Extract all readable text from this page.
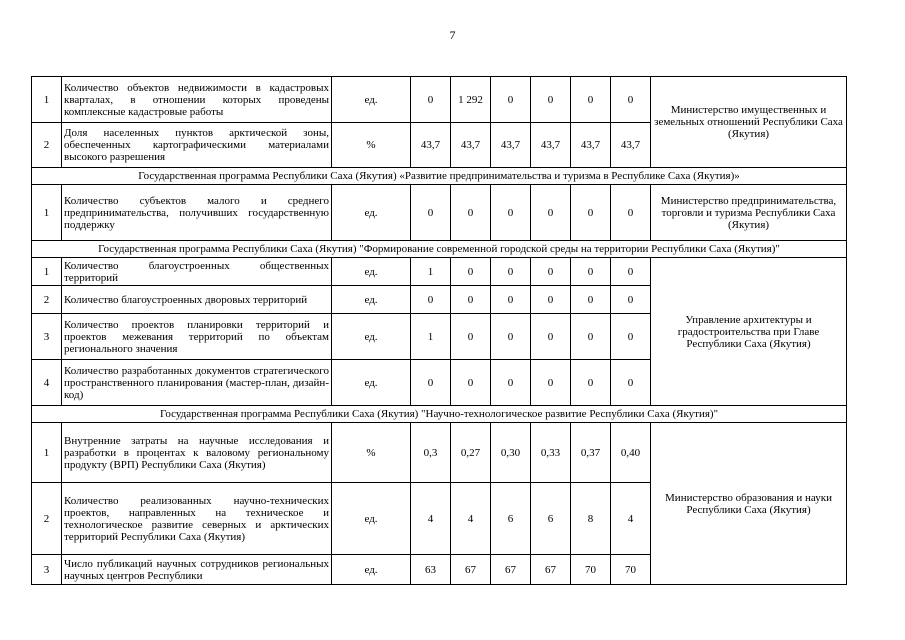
7
1	Количество объектов недвижимости в кадастровых кварталах, в отношении которых проведены комплексные кадастровые работы	ед.	0	1 292	0	0	0	0	Министерство имущественных и земельных отношений Республики Саха (Якутия)
2	Доля населенных пунктов арктической зоны, обеспеченных картографическими материалами высокого разрешения	%	43,7	43,7	43,7	43,7	43,7	43,7	
Государственная программа Республики Саха (Якутия) «Развитие предпринимательства и туризма в Республике Саха (Якутия)»									
1	Количество субъектов малого и среднего предпринимательства, получивших государственную поддержку	ед.	0	0	0	0	0	0	Министерство предпринимательства, торговли и туризма Республики Саха (Якутия)
Государственная программа Республики Саха (Якутия) "Формирование современной городской среды на территории Республики Саха (Якутия)"									
1	Количество благоустроенных общественных территорий	ед.	1	0	0	0	0	0	Управление архитектуры и градостроительства при Главе Республики Саха (Якутия)
2	Количество благоустроенных дворовых территорий	ед.	0	0	0	0	0	0	
3	Количество проектов планировки территорий и проектов межевания территорий по объектам регионального значения	ед.	1	0	0	0	0	0	
4	Количество разработанных документов стратегического пространственного планирования (мастер-план, дизайн-код)	ед.	0	0	0	0	0	0	
Государственная программа Республики Саха (Якутия) "Научно-технологическое развитие Республики Саха (Якутия)"									
1	Внутренние затраты на научные исследования и разработки в процентах к валовому региональному продукту (ВРП) Республики Саха (Якутия)	%	0,3	0,27	0,30	0,33	0,37	0,40	Министерство образования и науки Республики Саха (Якутия)
2	Количество реализованных научно-технических проектов, направленных на техническое и технологическое развитие северных и арктических территорий Республики Саха (Якутия)	ед.	4	4	6	6	8	4	
3	Число публикаций научных сотрудников региональных научных центров Республики	ед.	63	67	67	67	70	70	
